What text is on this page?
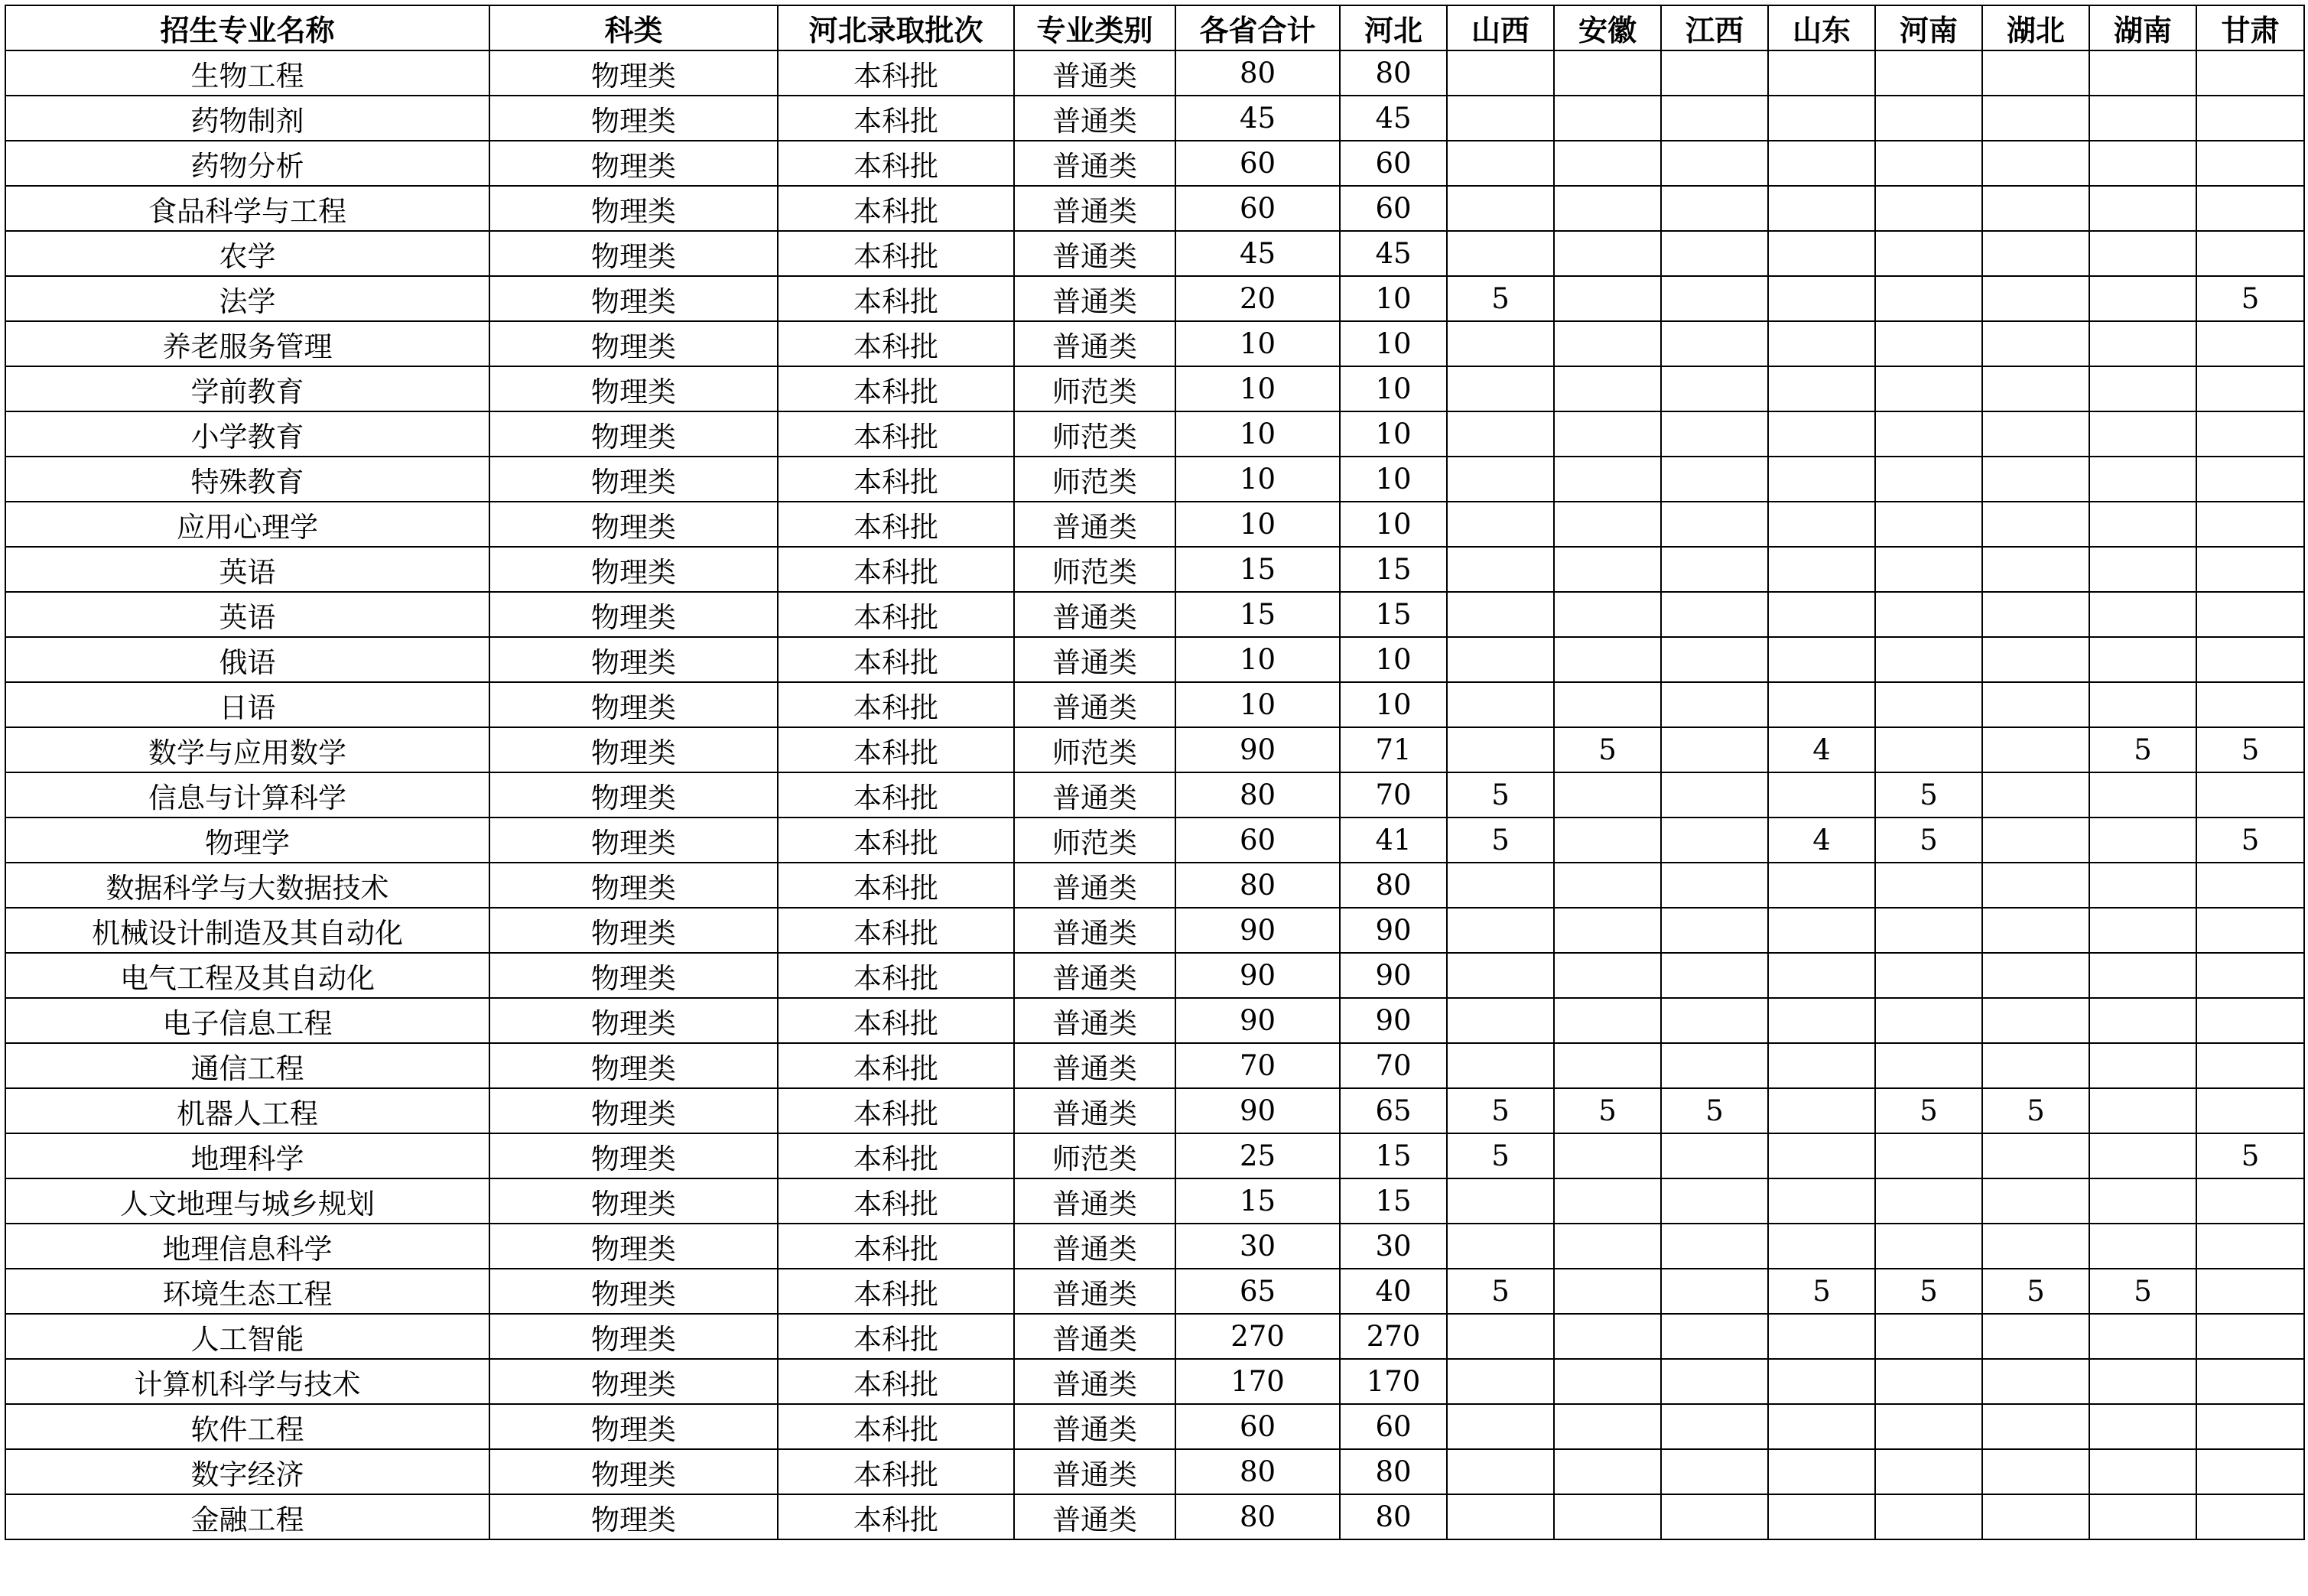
招生专业名称	科类	河北录取批次	专业类别	各省合计	河北	山西	安徽	江西	山东	河南	湖北	湖南	甘肃
生物工程	物理类	本科批	普通类	80	80								
药物制剂	物理类	本科批	普通类	45	45								
药物分析	物理类	本科批	普通类	60	60								
食品科学与工程	物理类	本科批	普通类	60	60								
农学	物理类	本科批	普通类	45	45								
法学	物理类	本科批	普通类	20	10	5							5
养老服务管理	物理类	本科批	普通类	10	10								
学前教育	物理类	本科批	师范类	10	10								
小学教育	物理类	本科批	师范类	10	10								
特殊教育	物理类	本科批	师范类	10	10								
应用心理学	物理类	本科批	普通类	10	10								
英语	物理类	本科批	师范类	15	15								
英语	物理类	本科批	普通类	15	15								
俄语	物理类	本科批	普通类	10	10								
日语	物理类	本科批	普通类	10	10								
数学与应用数学	物理类	本科批	师范类	90	71		5		4			5	5
信息与计算科学	物理类	本科批	普通类	80	70	5				5			
物理学	物理类	本科批	师范类	60	41	5			4	5			5
数据科学与大数据技术	物理类	本科批	普通类	80	80								
机械设计制造及其自动化	物理类	本科批	普通类	90	90								
电气工程及其自动化	物理类	本科批	普通类	90	90								
电子信息工程	物理类	本科批	普通类	90	90								
通信工程	物理类	本科批	普通类	70	70								
机器人工程	物理类	本科批	普通类	90	65	5	5	5		5	5		
地理科学	物理类	本科批	师范类	25	15	5							5
人文地理与城乡规划	物理类	本科批	普通类	15	15								
地理信息科学	物理类	本科批	普通类	30	30								
环境生态工程	物理类	本科批	普通类	65	40	5			5	5	5	5	
人工智能	物理类	本科批	普通类	270	270								
计算机科学与技术	物理类	本科批	普通类	170	170								
软件工程	物理类	本科批	普通类	60	60								
数字经济	物理类	本科批	普通类	80	80								
金融工程	物理类	本科批	普通类	80	80								
